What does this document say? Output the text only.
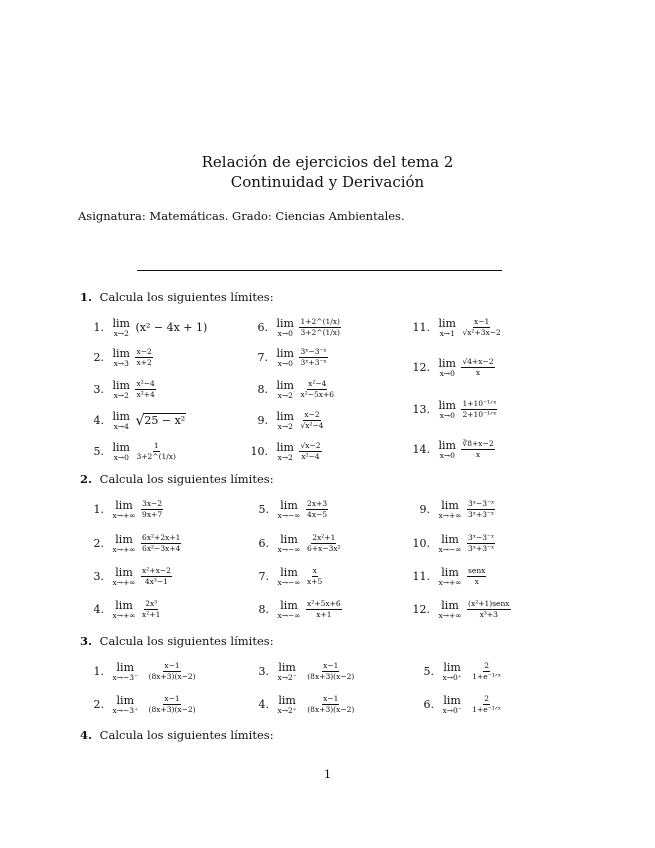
Relación de ejercicios del tema 2
Continuidad y Derivación
Asignatura: Matemáticas. Grado: Ciencias Ambientales.
1. Calcula los siguientes límites:
1. lim
x→2 (x² − 4x + 1)
2. lim
x→3
$\frac{x-2}{x+2}$
3. lim
x→2
$\frac{\text{x²−4}}{\text{x²+4}}$
4. lim
x→4 √25 − x²
5. lim
x→0
$\frac{1}{3+2\^{}(1/x)}$
6. lim
x→0
$\frac{1+2\^{}(1/x)}{3+2\^{}(1/x)}$
7. lim
x→0
$\frac{\text{3ˣ−3⁻ˣ}}{\text{3ˣ+3⁻ˣ}}$
8. lim
x→2
$\frac{\text{x²−4}}{\text{x²−5x+6}}$
9. lim
x→2
$\frac{x-2}{\text{√x²−4}}$
10. lim
x→2
$\frac{√x-2}{\text{x²−4}}$
11. lim
x→1
$\frac{x-1}{\text{√x²+3x−2}}$
12. lim
x→0
$\frac{√4+x-2}{x}$
13. lim
x→0
$\frac{\text{1+10⁻¹ᐟˣ}}{\text{2+10⁻¹ᐟˣ}}$
14. lim
x→0
$\frac{∛8+x-2}{x}$
2. Calcula los siguientes límites:
1. lim
x→+∞
$\frac{3x-2}{9x+7}$
2. lim
x→+∞
$\frac{\text{6x²+2x+1}}{\text{6x²−3x+4}}$
3. lim
x→+∞
$\frac{\text{x²+x−2}}{\text{4x³−1}}$
4. lim
x→+∞
$\frac{\text{2x³}}{\text{x²+1}}$
5. lim
x→−∞
$\frac{2x+3}{4x-5}$
6. lim
x→−∞
$\frac{\text{2x²+1}}{\text{6+x−3x²}}$
7. lim
x→−∞
$\frac{x}{x+5}$
8. lim
x→−∞
$\frac{\text{x²+5x+6}}{x+1}$
9. lim
x→+∞
$\frac{\text{3ˣ−3⁻ˣ}}{\text{3ˣ+3⁻ˣ}}$
10. lim
x→−∞
$\frac{\text{3ˣ−3⁻ˣ}}{\text{3ˣ+3⁻ˣ}}$
11. lim
x→+∞
$\frac{\text{senx}}{x}$
12. lim
x→+∞
$\frac{\text{(x²+1)senx}}{\text{x³+3}}$
3. Calcula los siguientes límites:
1. lim
x→−3⁻
$\frac{x-1}{(8x+3)(x-2)}$
2. lim
x→−3⁺
$\frac{x-1}{(8x+3)(x-2)}$
3. lim
x→2⁻
$\frac{x-1}{(8x+3)(x-2)}$
4. lim
x→2⁺
$\frac{x-1}{(8x+3)(x-2)}$
5. lim
x→0⁺
$\frac{2}{\text{1+e⁻¹ᐟˣ}}$
6. lim
x→0⁻
$\frac{2}{\text{1+e⁻¹ᐟˣ}}$
4. Calcula los siguientes límites:
1
